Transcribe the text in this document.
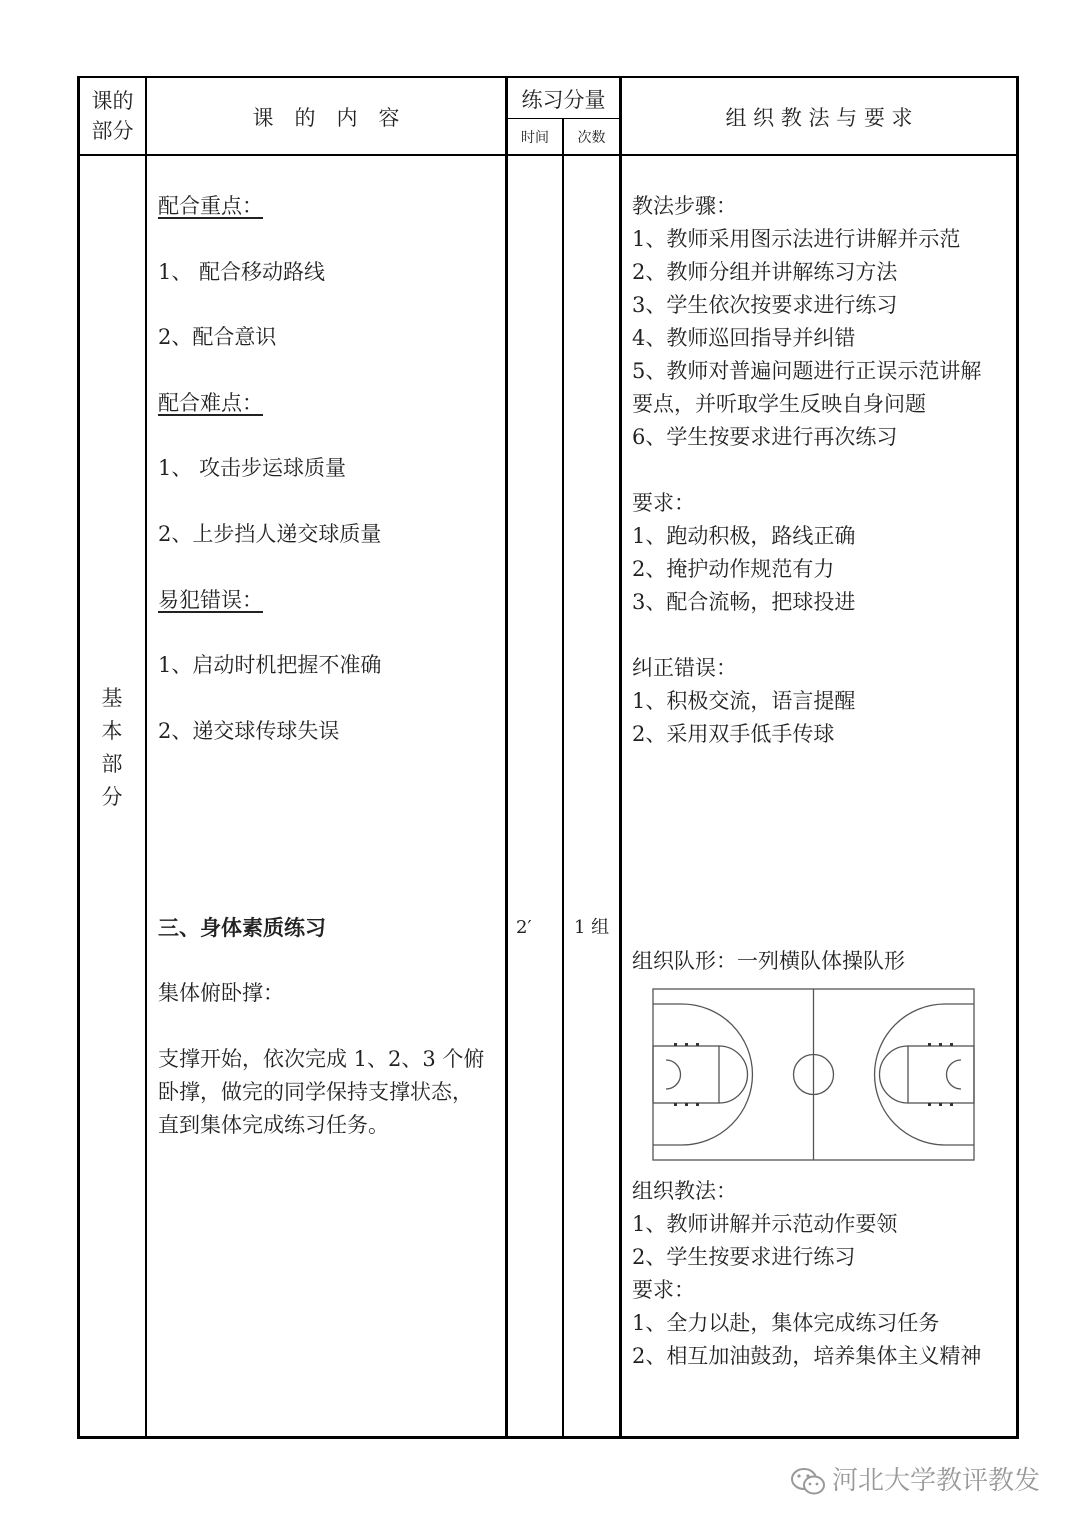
课的
部分
课　的　内　容
练习分量
时间	次数
组 织 教 法 与 要 求
基
本
部
分
配合重点：
1、 配合移动路线
2、配合意识
配合难点：
1、 攻击步运球质量
2、上步挡人递交球质量
易犯错误：
1、启动时机把握不准确
2、递交球传球失误
三、身体素质练习
集体俯卧撑：
支撑开始，依次完成 1、2、3 个俯
卧撑，做完的同学保持支撑状态，
直到集体完成练习任务。
2′ 1 组
教法步骤：
1、教师采用图示法进行讲解并示范
2、教师分组并讲解练习方法
3、学生依次按要求进行练习
4、教师巡回指导并纠错
5、教师对普遍问题进行正误示范讲解
要点，并听取学生反映自身问题
6、学生按要求进行再次练习
要求：
1、跑动积极，路线正确
2、掩护动作规范有力
3、配合流畅，把球投进
纠正错误：
1、积极交流，语言提醒
2、采用双手低手传球
组织队形：一列横队体操队形
组织教法：
1、教师讲解并示范动作要领
2、学生按要求进行练习
要求：
1、全力以赴，集体完成练习任务
2、相互加油鼓劲，培养集体主义精神
河北大学教评教发
